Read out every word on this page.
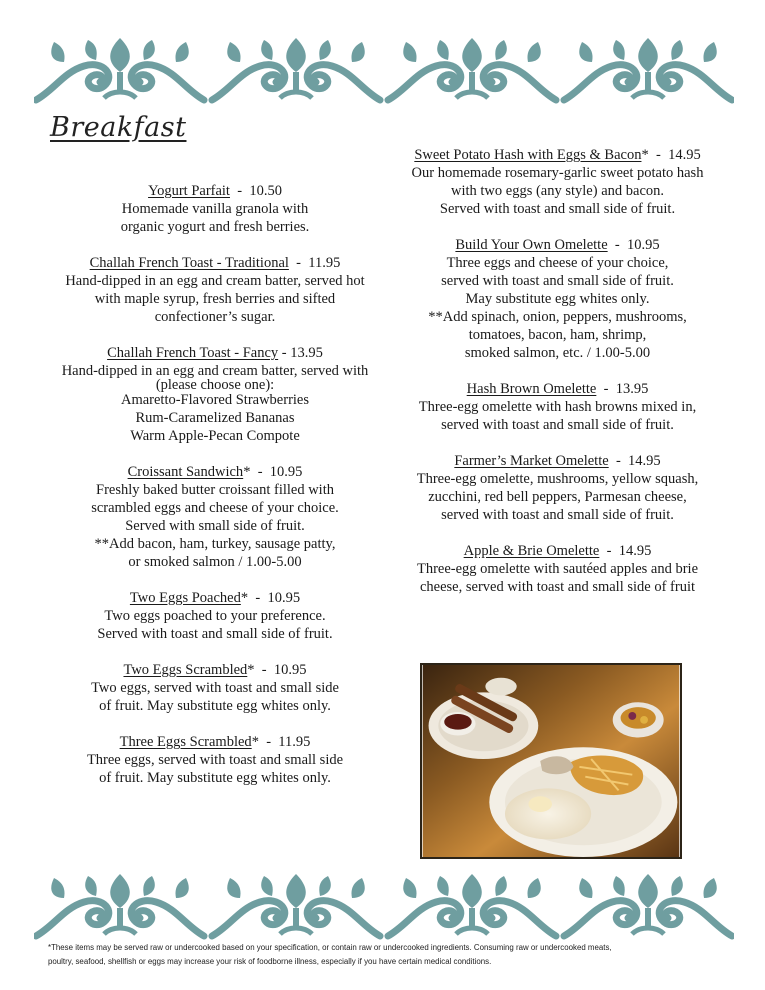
Breakfast
Yogurt Parfait  -  10.50
Homemade vanilla granola with
organic yogurt and fresh berries.
Challah French Toast - Traditional  -  11.95
Hand-dipped in an egg and cream batter, served hot
with maple syrup, fresh berries and sifted
confectioner’s sugar.
Challah French Toast - Fancy - 13.95
Hand-dipped in an egg and cream batter, served with
(please choose one):
Amaretto-Flavored Strawberries
Rum-Caramelized Bananas
Warm Apple-Pecan Compote
Croissant Sandwich*  -  10.95
Freshly baked butter croissant filled with
scrambled eggs and cheese of your choice.
Served with small side of fruit.
**Add bacon, ham, turkey, sausage patty,
or smoked salmon / 1.00-5.00
Two Eggs Poached*  -  10.95
Two eggs poached to your preference.
Served with toast and small side of fruit.
Two Eggs Scrambled*  -  10.95
Two eggs, served with toast and small side
of fruit. May substitute egg whites only.
Three Eggs Scrambled*  -  11.95
Three eggs, served with toast and small side
of fruit. May substitute egg whites only.
Sweet Potato Hash with Eggs & Bacon*  -  14.95
Our homemade rosemary-garlic sweet potato hash
with two eggs (any style) and bacon.
Served with toast and small side of fruit.
Build Your Own Omelette  -  10.95
Three eggs and cheese of your choice,
served with toast and small side of fruit.
May substitute egg whites only.
**Add spinach, onion, peppers, mushrooms,
tomatoes, bacon, ham, shrimp,
smoked salmon, etc. / 1.00-5.00
Hash Brown Omelette  -  13.95
Three-egg omelette with hash browns mixed in,
served with toast and small side of fruit.
Farmer’s Market Omelette  -  14.95
Three-egg omelette, mushrooms, yellow squash,
zucchini, red bell peppers, Parmesan cheese,
served with toast and small side of fruit.
Apple & Brie Omelette  -  14.95
Three-egg omelette with sautéed apples and brie
cheese, served with toast and small side of fruit
*These items may be served raw or undercooked based on your specification, or contain raw or undercooked ingredients. Consuming raw or undercooked meats,
poultry, seafood, shellfish or eggs may increase your risk of foodborne illness, especially if you have certain medical conditions.
